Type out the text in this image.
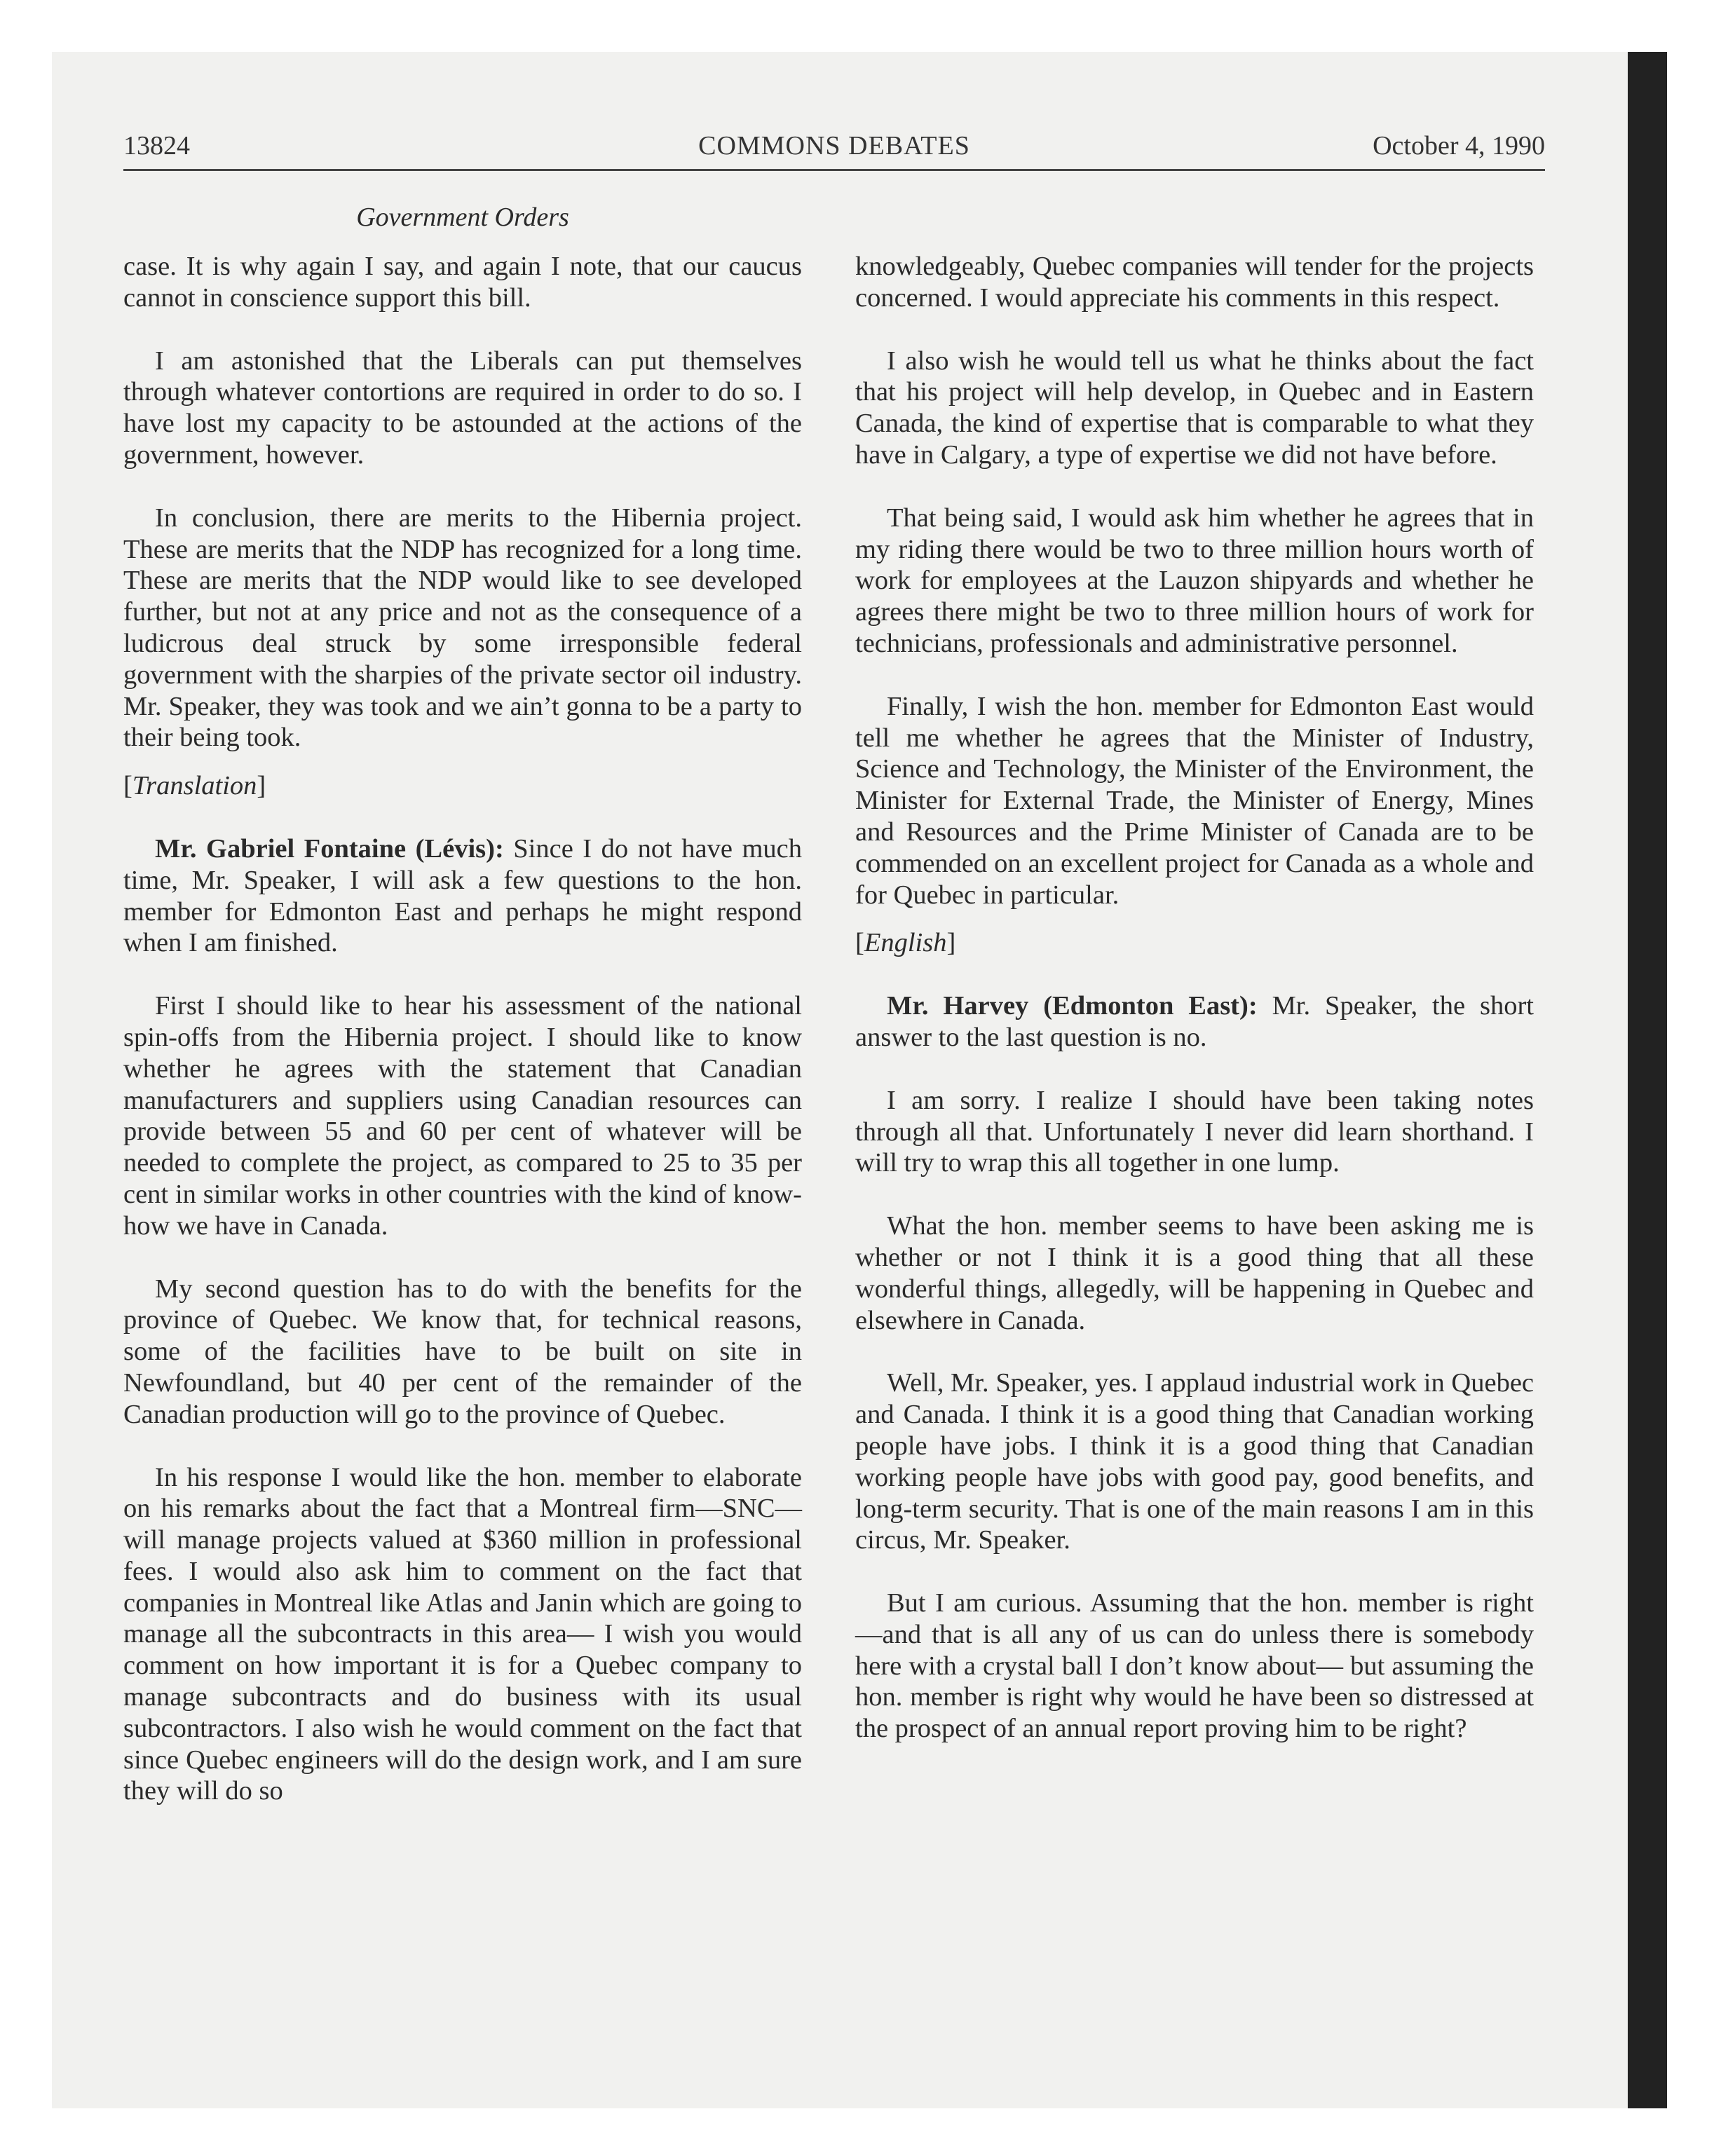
13824	COMMONS DEBATES	October 4, 1990
Government Orders

case. It is why again I say, and again I note, that our caucus cannot in conscience support this bill.

I am astonished that the Liberals can put themselves through whatever contortions are required in order to do so. I have lost my capacity to be astounded at the actions of the government, however.

In conclusion, there are merits to the Hibernia project. These are merits that the NDP has recognized for a long time. These are merits that the NDP would like to see developed further, but not at any price and not as the consequence of a ludicrous deal struck by some irresponsible federal government with the sharpies of the private sector oil industry. Mr. Speaker, they was took and we ain’t gonna to be a party to their being took.

[Translation]

Mr. Gabriel Fontaine (Lévis): Since I do not have much time, Mr. Speaker, I will ask a few questions to the hon. member for Edmonton East and perhaps he might respond when I am finished.

First I should like to hear his assessment of the national spin-offs from the Hibernia project. I should like to know whether he agrees with the statement that Canadian manufacturers and suppliers using Canadian resources can provide between 55 and 60 per cent of whatever will be needed to complete the project, as compared to 25 to 35 per cent in similar works in other countries with the kind of know-how we have in Canada.

My second question has to do with the benefits for the province of Quebec. We know that, for technical reasons, some of the facilities have to be built on site in Newfoundland, but 40 per cent of the remainder of the Canadian production will go to the province of Quebec.

In his response I would like the hon. member to elaborate on his remarks about the fact that a Montreal firm—SNC—will manage projects valued at $360 million in professional fees. I would also ask him to comment on the fact that companies in Montreal like Atlas and Janin which are going to manage all the subcontracts in this area— I wish you would comment on how important it is for a Quebec company to manage subcontracts and do business with its usual subcontractors. I also wish he would comment on the fact that since Quebec engineers will do the design work, and I am sure they will do so

knowledgeably, Quebec companies will tender for the projects concerned. I would appreciate his comments in this respect.

I also wish he would tell us what he thinks about the fact that his project will help develop, in Quebec and in Eastern Canada, the kind of expertise that is comparable to what they have in Calgary, a type of expertise we did not have before.

That being said, I would ask him whether he agrees that in my riding there would be two to three million hours worth of work for employees at the Lauzon shipyards and whether he agrees there might be two to three million hours of work for technicians, professionals and administrative personnel.

Finally, I wish the hon. member for Edmonton East would tell me whether he agrees that the Minister of Industry, Science and Technology, the Minister of the Environment, the Minister for External Trade, the Minister of Energy, Mines and Resources and the Prime Minister of Canada are to be commended on an excellent project for Canada as a whole and for Quebec in particular.

[English]

Mr. Harvey (Edmonton East): Mr. Speaker, the short answer to the last question is no.

I am sorry. I realize I should have been taking notes through all that. Unfortunately I never did learn shorthand. I will try to wrap this all together in one lump.

What the hon. member seems to have been asking me is whether or not I think it is a good thing that all these wonderful things, allegedly, will be happening in Quebec and elsewhere in Canada.

Well, Mr. Speaker, yes. I applaud industrial work in Quebec and Canada. I think it is a good thing that Canadian working people have jobs. I think it is a good thing that Canadian working people have jobs with good pay, good benefits, and long-term security. That is one of the main reasons I am in this circus, Mr. Speaker.

But I am curious. Assuming that the hon. member is right—and that is all any of us can do unless there is somebody here with a crystal ball I don’t know about— but assuming the hon. member is right why would he have been so distressed at the prospect of an annual report proving him to be right?
